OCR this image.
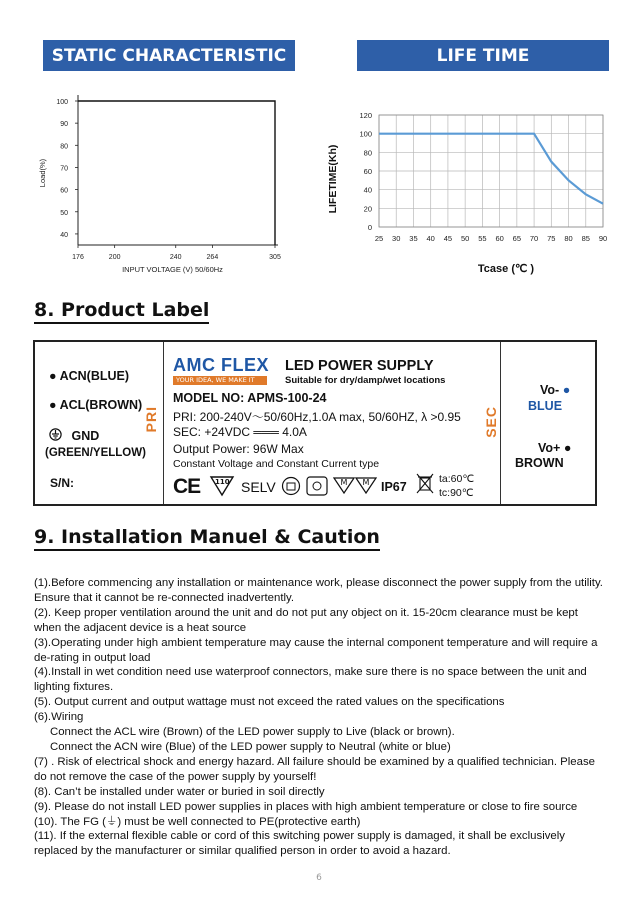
STATIC CHARACTERISTIC	LIFE TIME
40
50
60
70
80
90
100
176	200	240	264	305
INPUT VOLTAGE (V) 50/60Hz
Load(%)
25 30 35 40 45 50 55 60 65 70 75 80 85 90
0
20
40
60
80
100
120
LIFETIME(Kh)
Tcase (℃ )
8. Product Label
● ACN(BLUE)
● ACL(BROWN)
GND
(GREEN/YELLOW)
S/N:
PRI
AMC FLEX
YOUR IDEA, WE MAKE IT
LED POWER SUPPLY
Suitable for dry/damp/wet locations
MODEL NO: APMS-100-24
PRI: 200-240V～50/60Hz,1.0A max, 50/60HZ, λ >0.95
SEC: +24VDC ═══ 4.0A
Output Power: 96W Max
Constant Voltage and Constant Current type
CE 110 SELV	M M IP67
ta:60℃
tc:90℃
SEC
Vo- ●
BLUE
Vo+ ●
BROWN
9. Installation Manuel & Caution
(1).Before commencing any installation or maintenance work, please disconnect the power supply from the utility. Ensure that it cannot be re-connected inadvertently.
(2). Keep proper ventilation around the unit and do not put any object on it. 15-20cm clearance must be kept when the adjacent device is a heat source
(3).Operating under high ambient temperature may cause the internal component temperature and will require a de-rating in output load
(4).Install in wet condition need use waterproof connectors, make sure there is no space between the unit and lighting fixtures.
(5). Output current and output wattage must not exceed the rated values on the specifications
(6).Wiring
Connect the ACL wire (Brown) of the LED power supply to Live (black or brown).
Connect the ACN wire (Blue) of the LED power supply to Neutral (white or blue)
(7) . Risk of electrical shock and energy hazard. All failure should be examined by a qualified technician. Please do not remove the case of the power supply by yourself!
(8). Can’t be installed under water or buried in soil directly
(9). Please do not install LED power supplies in places with high ambient temperature or close to fire source
(10). The FG (⏚) must be well connected to PE(protective earth)
(11). If the external flexible cable or cord of this switching power supply is damaged, it shall be exclusively replaced by the manufacturer or similar qualified person in order to avoid a hazard.
6
